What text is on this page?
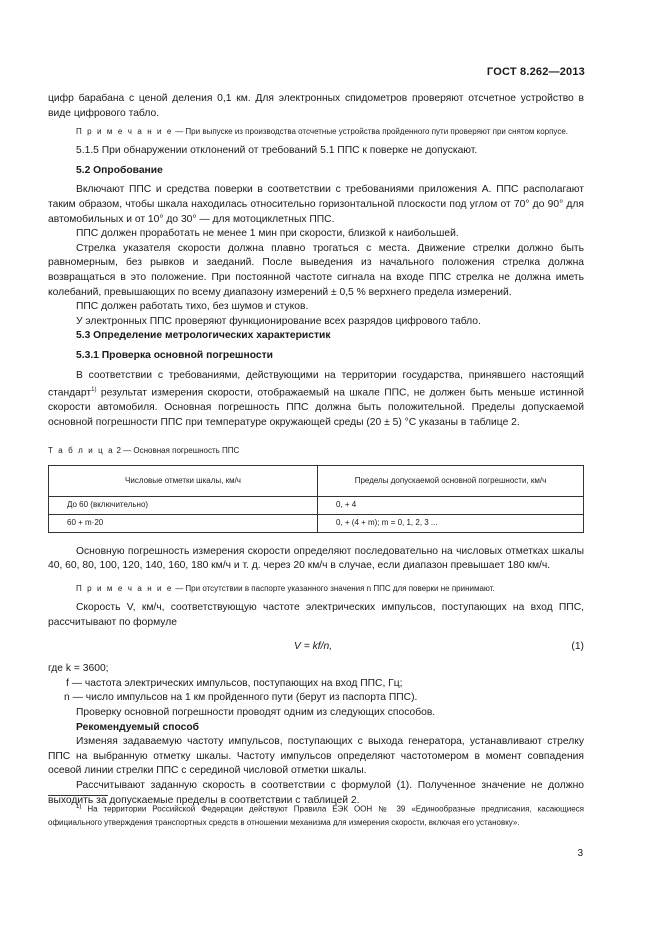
ГОСТ 8.262—2013

цифр барабана с ценой деления 0,1 км. Для электронных спидометров проверяют отсчетное устройство в виде цифрового табло.

П р и м е ч а н и е — При выпуске из производства отсчетные устройства пройденного пути проверяют при снятом корпусе.

5.1.5 При обнаружении отклонений от требований 5.1 ППС к поверке не допускают.

5.2 Опробование

Включают ППС и средства поверки в соответствии с требованиями приложения А. ППС располагают таким образом, чтобы шкала находилась относительно горизонтальной плоскости под углом от 70° до 90° для автомобильных и от 10° до 30° — для мотоциклетных ППС.

ППС должен проработать не менее 1 мин при скорости, близкой к наибольшей.

Стрелка указателя скорости должна плавно трогаться с места. Движение стрелки должно быть равномерным, без рывков и заеданий. После выведения из начального положения стрелка должна возвращаться в это положение. При постоянной частоте сигнала на входе ППС стрелка не должна иметь колебаний, превышающих по всему диапазону измерений ± 0,5 % верхнего предела измерений.

ППС должен работать тихо, без шумов и стуков.

У электронных ППС проверяют функционирование всех разрядов цифрового табло.

5.3 Определение метрологических характеристик

5.3.1 Проверка основной погрешности

В соответствии с требованиями, действующими на территории государства, принявшего настоящий стандарт$^{1)}$ результат измерения скорости, отображаемый на шкале ППС, не должен быть меньше истинной скорости автомобиля. Основная погрешность ППС должна быть положительной. Пределы допускаемой основной погрешности ППС при температуре окружающей среды (20 ± 5) °С указаны в таблице 2.

Т а б л и ц а 2 — Основная погрешность ППС
Числовые отметки шкалы, км/ч	Пределы допускаемой основной погрешности, км/ч
До 60 (включительно)	0, + 4
60 + m·20	0, + (4 + m); m = 0, 1, 2, 3 ...

Основную погрешность измерения скорости определяют последовательно на числовых отметках шкалы 40, 60, 80, 100, 120, 140, 160, 180 км/ч и т. д. через 20 км/ч в случае, если диапазон превышает 180 км/ч.

П р и м е ч а н и е — При отсутствии в паспорте указанного значения n ППС для поверки не принимают.

Скорость V, км/ч, соответствующую частоте электрических импульсов, поступающих на вход ППС, рассчитывают по формуле

V = kf/n,	(1)

где k = 3600;

f — частота электрических импульсов, поступающих на вход ППС, Гц;

n — число импульсов на 1 км пройденного пути (берут из паспорта ППС).

Проверку основной погрешности проводят одним из следующих способов.

Рекомендуемый способ

Изменяя задаваемую частоту импульсов, поступающих с выхода генератора, устанавливают стрелку ППС на выбранную отметку шкалы. Частоту импульсов определяют частотомером в момент совпадения осевой линии стрелки ППС с серединой числовой отметки шкалы.

Рассчитывают заданную скорость в соответствии с формулой (1). Полученное значение не должно выходить за допускаемые пределы в соответствии с таблицей 2.

$^{1)}$ На территории Российской Федерации действуют Правила ЕЭК ООН № 39 «Единообразные предписания, касающиеся официального утверждения транспортных средств в отношении механизма для измерения скорости, включая его установку».
3
